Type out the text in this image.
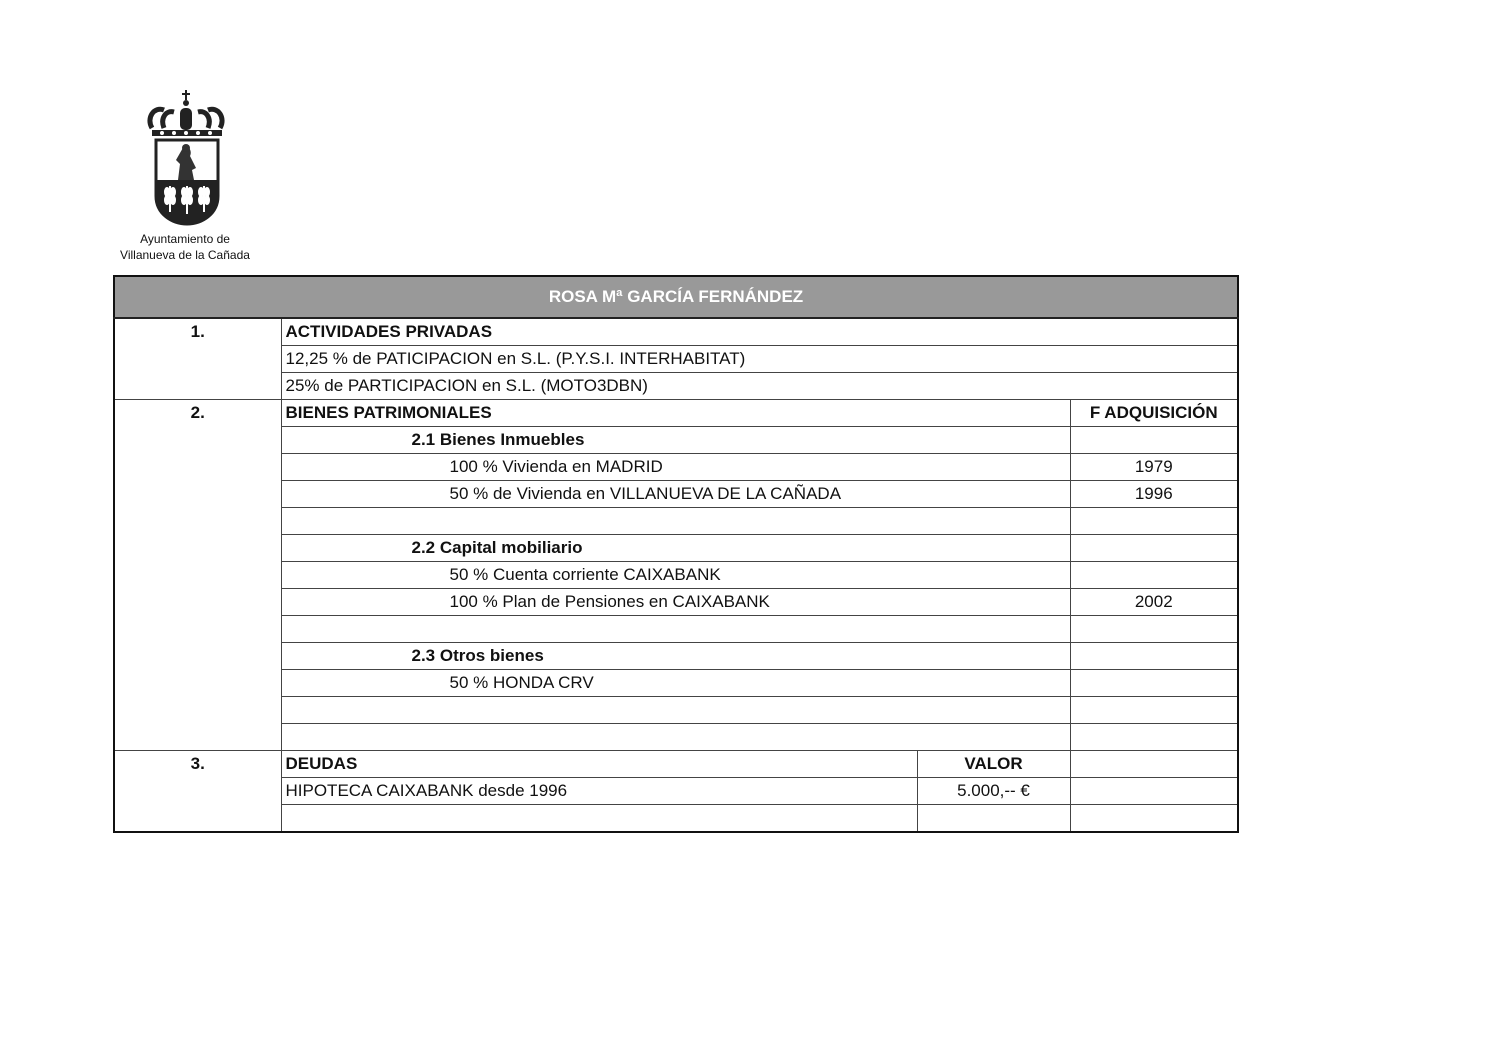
Ayuntamiento de
Villanueva de la Cañada
ROSA Mª GARCÍA FERNÁNDEZ			
1.	ACTIVIDADES PRIVADAS		
	12,25 % de PATICIPACION en S.L. (P.Y.S.I. INTERHABITAT)		
	25% de PARTICIPACION en S.L. (MOTO3DBN)		
2.	BIENES PATRIMONIALES		F ADQUISICIÓN
	2.1 Bienes Inmuebles		
	100 % Vivienda en MADRID		1979
	50 % de Vivienda en VILLANUEVA DE LA CAÑADA		1996

	2.2 Capital mobiliario		
	50 % Cuenta corriente CAIXABANK		
	100 % Plan de Pensiones en CAIXABANK		2002

	2.3 Otros bienes		
	50 % HONDA CRV		

3.	DEUDAS	VALOR	
	HIPOTECA CAIXABANK desde 1996	5.000,-- €	
